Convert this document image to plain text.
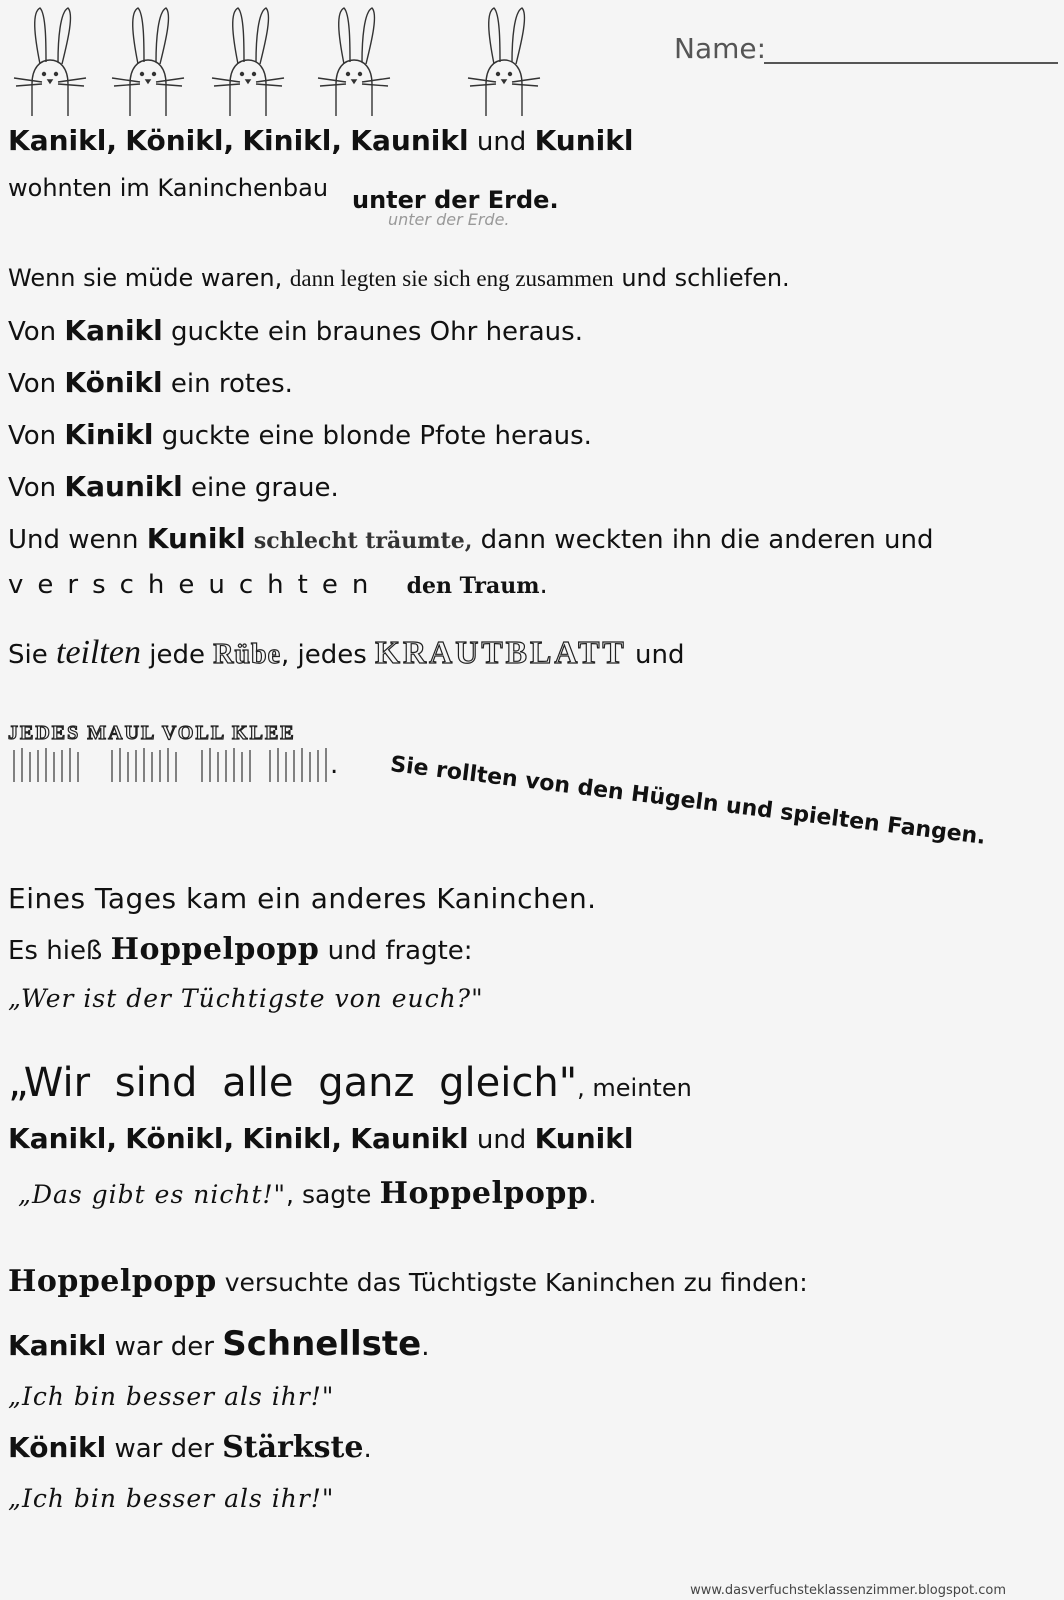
Name:
Kanikl, Könikl, Kinikl, Kaunikl und Kunikl
wohnten im Kaninchenbau unter der Erde.
unter der Erde.
Wenn sie müde waren, dann legten sie sich eng zusammen und schliefen.
Von Kanikl guckte ein braunes Ohr heraus.
Von Könikl ein rotes.
Von Kinikl guckte eine blonde Pfote heraus.
Von Kaunikl eine graue.
Und wenn Kunikl schlecht träumte, dann weckten ihn die anderen und
verscheuchten den Traum.
Sie teilten jede Rübe, jedes KRAUTBLATT und
JEDES MAUL VOLL KLEE
. Sie rollten von den Hügeln und spielten Fangen.
Eines Tages kam ein anderes Kaninchen.
Es hieß Hoppelpopp und fragte:
„Wer ist der Tüchtigste von euch?"
„Wir sind alle ganz gleich", meinten
Kanikl, Könikl, Kinikl, Kaunikl und Kunikl
„Das gibt es nicht!", sagte Hoppelpopp.
Hoppelpopp versuchte das Tüchtigste Kaninchen zu finden:
Kanikl war der Schnellste.
„Ich bin besser als ihr!"
Könikl war der Stärkste.
„Ich bin besser als ihr!"
www.dasverfuchsteklassenzimmer.blogspot.com
